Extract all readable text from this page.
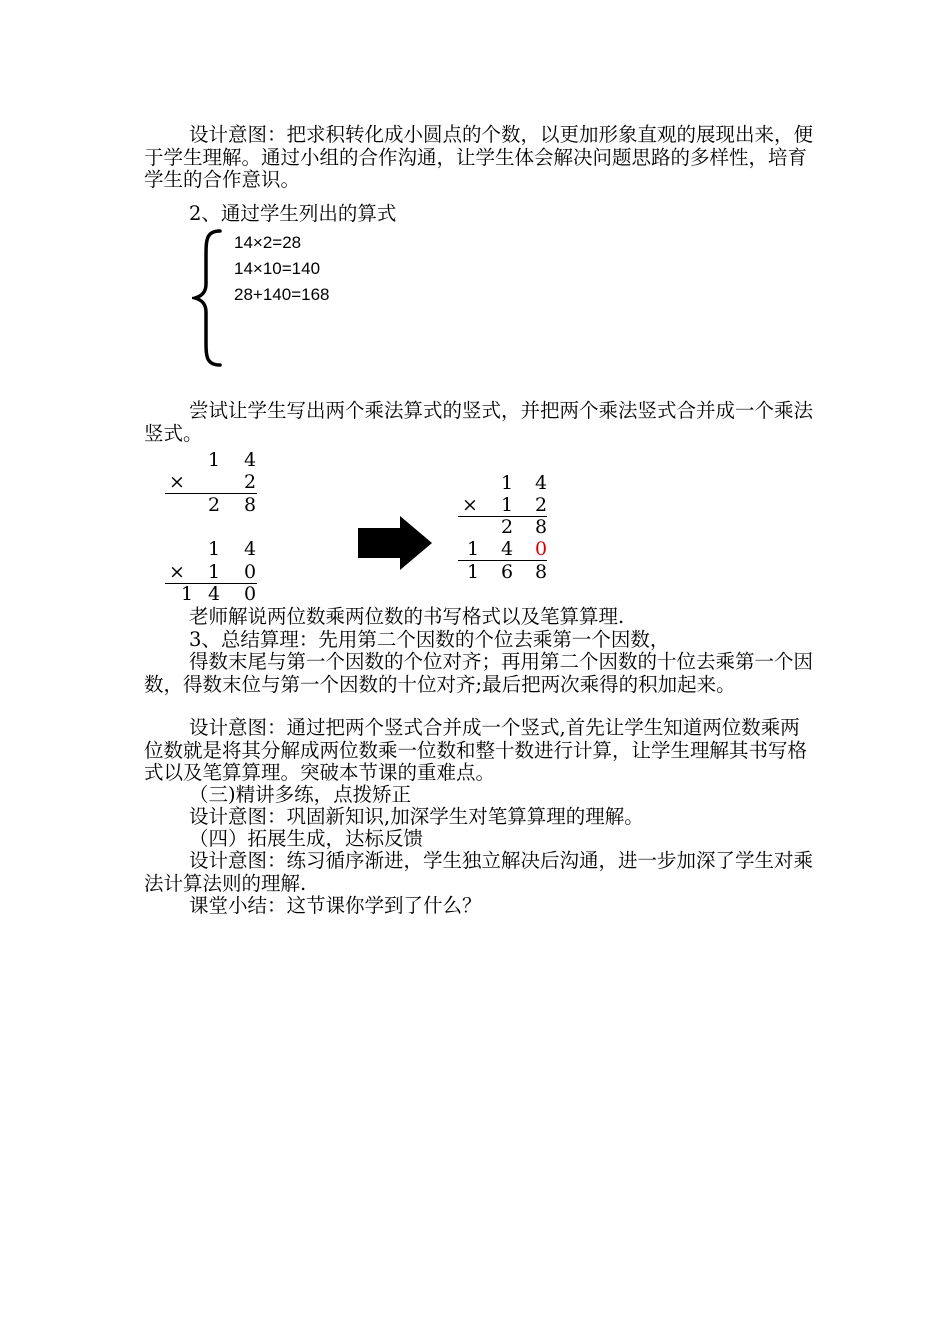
设计意图：把求积转化成小圆点的个数，以更加形象直观的展现出来，便于学生理解。通过小组的合作沟通，让学生体会解决问题思路的多样性，培育学生的合作意识。

2、通过学生列出的算式
14×2=28
14×10=140
28+140=168

尝试让学生写出两个乘法算式的竖式，并把两个乘法竖式合并成一个乘法竖式。

1 4
×	2
2 8
1 4
× 1 0
1 4 0
1 4
× 1 2
2 8
1 4 0
1 6 8
老师解说两位数乘两位数的书写格式以及笔算算理.
3、总结算理：先用第二个因数的个位去乘第一个因数，

得数末尾与第一个因数的个位对齐；再用第二个因数的十位去乘第一个因数，得数末位与第一个因数的十位对齐;最后把两次乘得的积加起来。

设计意图：通过把两个竖式合并成一个竖式,首先让学生知道两位数乘两位数就是将其分解成两位数乘一位数和整十数进行计算，让学生理解其书写格式以及笔算算理。突破本节课的重难点。

（三)精讲多练，点拨矫正
设计意图：巩固新知识,加深学生对笔算算理的理解。
（四）拓展生成，达标反馈

设计意图：练习循序渐进，学生独立解决后沟通，进一步加深了学生对乘法计算法则的理解.

课堂小结：这节课你学到了什么？
